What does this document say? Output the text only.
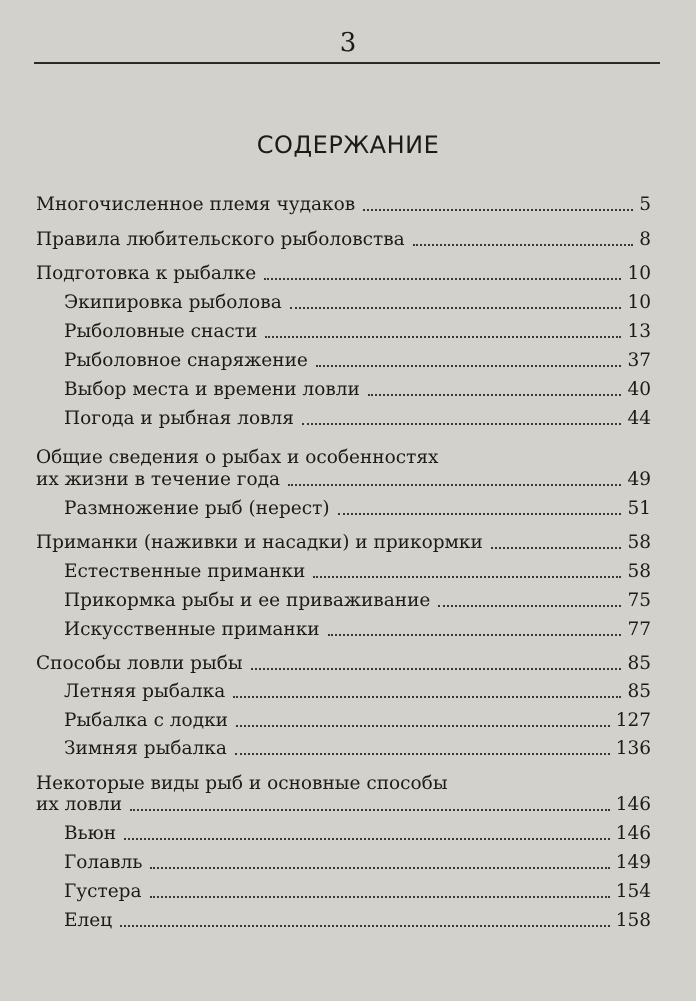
3
СОДЕРЖАНИЕ
Многочисленное племя чудаков	5
Правила любительского рыболовства	8
Подготовка к рыбалке	10
Экипировка рыболова	10
Рыболовные снасти	13
Рыболовное снаряжение	37
Выбор места и времени ловли	40
Погода и рыбная ловля	44
Общие сведения о рыбах и особенностях
их жизни в течение года	49
Размножение рыб (нерест)	51
Приманки (наживки и насадки) и прикормки	58
Естественные приманки	58
Прикормка рыбы и ее приваживание	75
Искусственные приманки	77
Способы ловли рыбы	85
Летняя рыбалка	85
Рыбалка с лодки	127
Зимняя рыбалка	136
Некоторые виды рыб и основные способы
их ловли	146
Вьюн	146
Голавль	149
Густера	154
Елец	158
